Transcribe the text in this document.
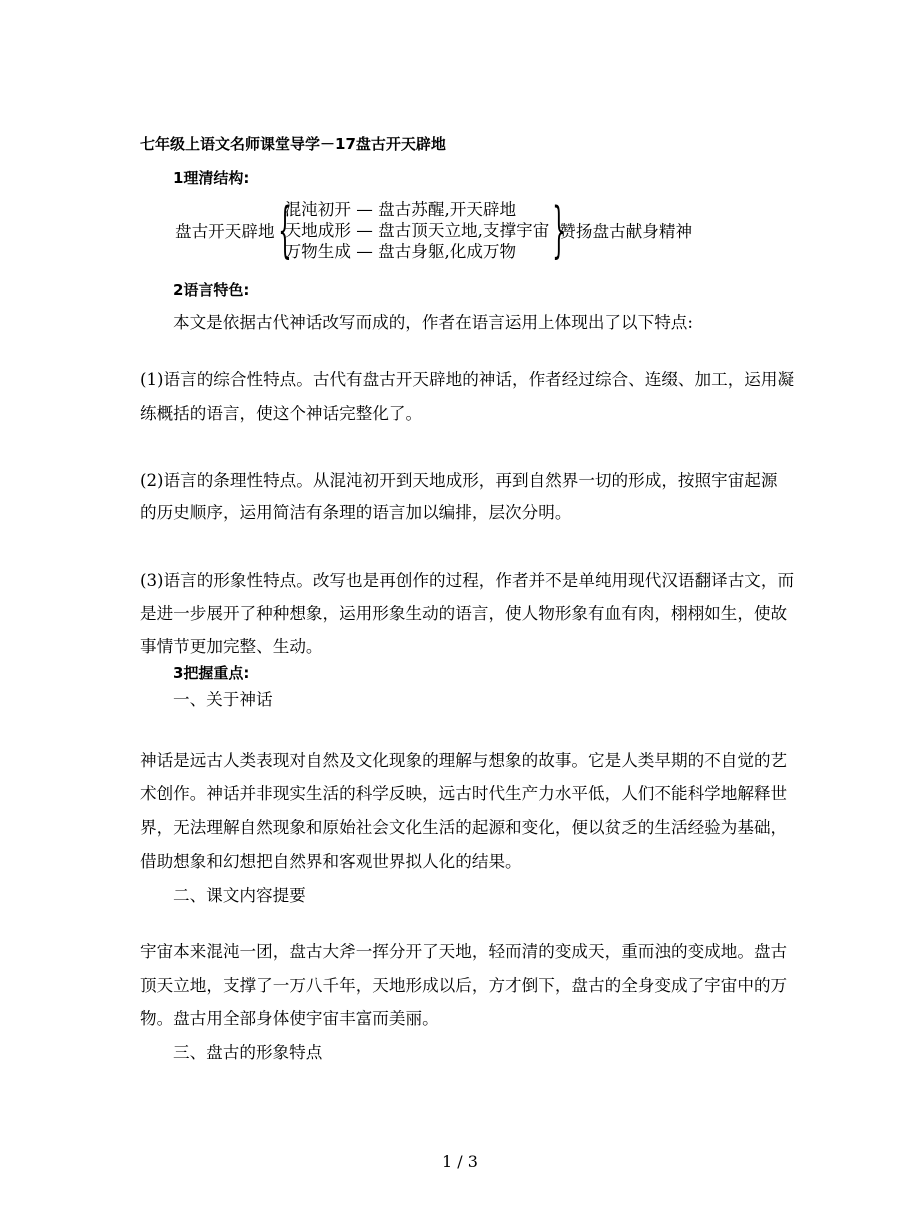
七年级上语文名师课堂导学－17盘古开天辟地
1理清结构:
盘古开天辟地 {
混沌初开 — 盘古苏醒,开天辟地
天地成形 — 盘古顶天立地,支撑宇宙
万物生成 — 盘古身躯,化成万物 }
赞扬盘古献身精神
2语言特色:
本文是依据古代神话改写而成的，作者在语言运用上体现出了以下特点:
(1)语言的综合性特点。古代有盘古开天辟地的神话，作者经过综合、连缀、加工，运用凝
练概括的语言，使这个神话完整化了。
(2)语言的条理性特点。从混沌初开到天地成形，再到自然界一切的形成，按照宇宙起源
的历史顺序，运用简洁有条理的语言加以编排，层次分明。
(3)语言的形象性特点。改写也是再创作的过程，作者并不是单纯用现代汉语翻译古文，而
是进一步展开了种种想象，运用形象生动的语言，使人物形象有血有肉，栩栩如生，使故
事情节更加完整、生动。
3把握重点:
一、关于神话
神话是远古人类表现对自然及文化现象的理解与想象的故事。它是人类早期的不自觉的艺
术创作。神话并非现实生活的科学反映，远古时代生产力水平低，人们不能科学地解释世
界，无法理解自然现象和原始社会文化生活的起源和变化，便以贫乏的生活经验为基础，
借助想象和幻想把自然界和客观世界拟人化的结果。
二、课文内容提要
宇宙本来混沌一团，盘古大斧一挥分开了天地，轻而清的变成天，重而浊的变成地。盘古
顶天立地，支撑了一万八千年，天地形成以后，方才倒下，盘古的全身变成了宇宙中的万
物。盘古用全部身体使宇宙丰富而美丽。
三、盘古的形象特点
1 / 3
